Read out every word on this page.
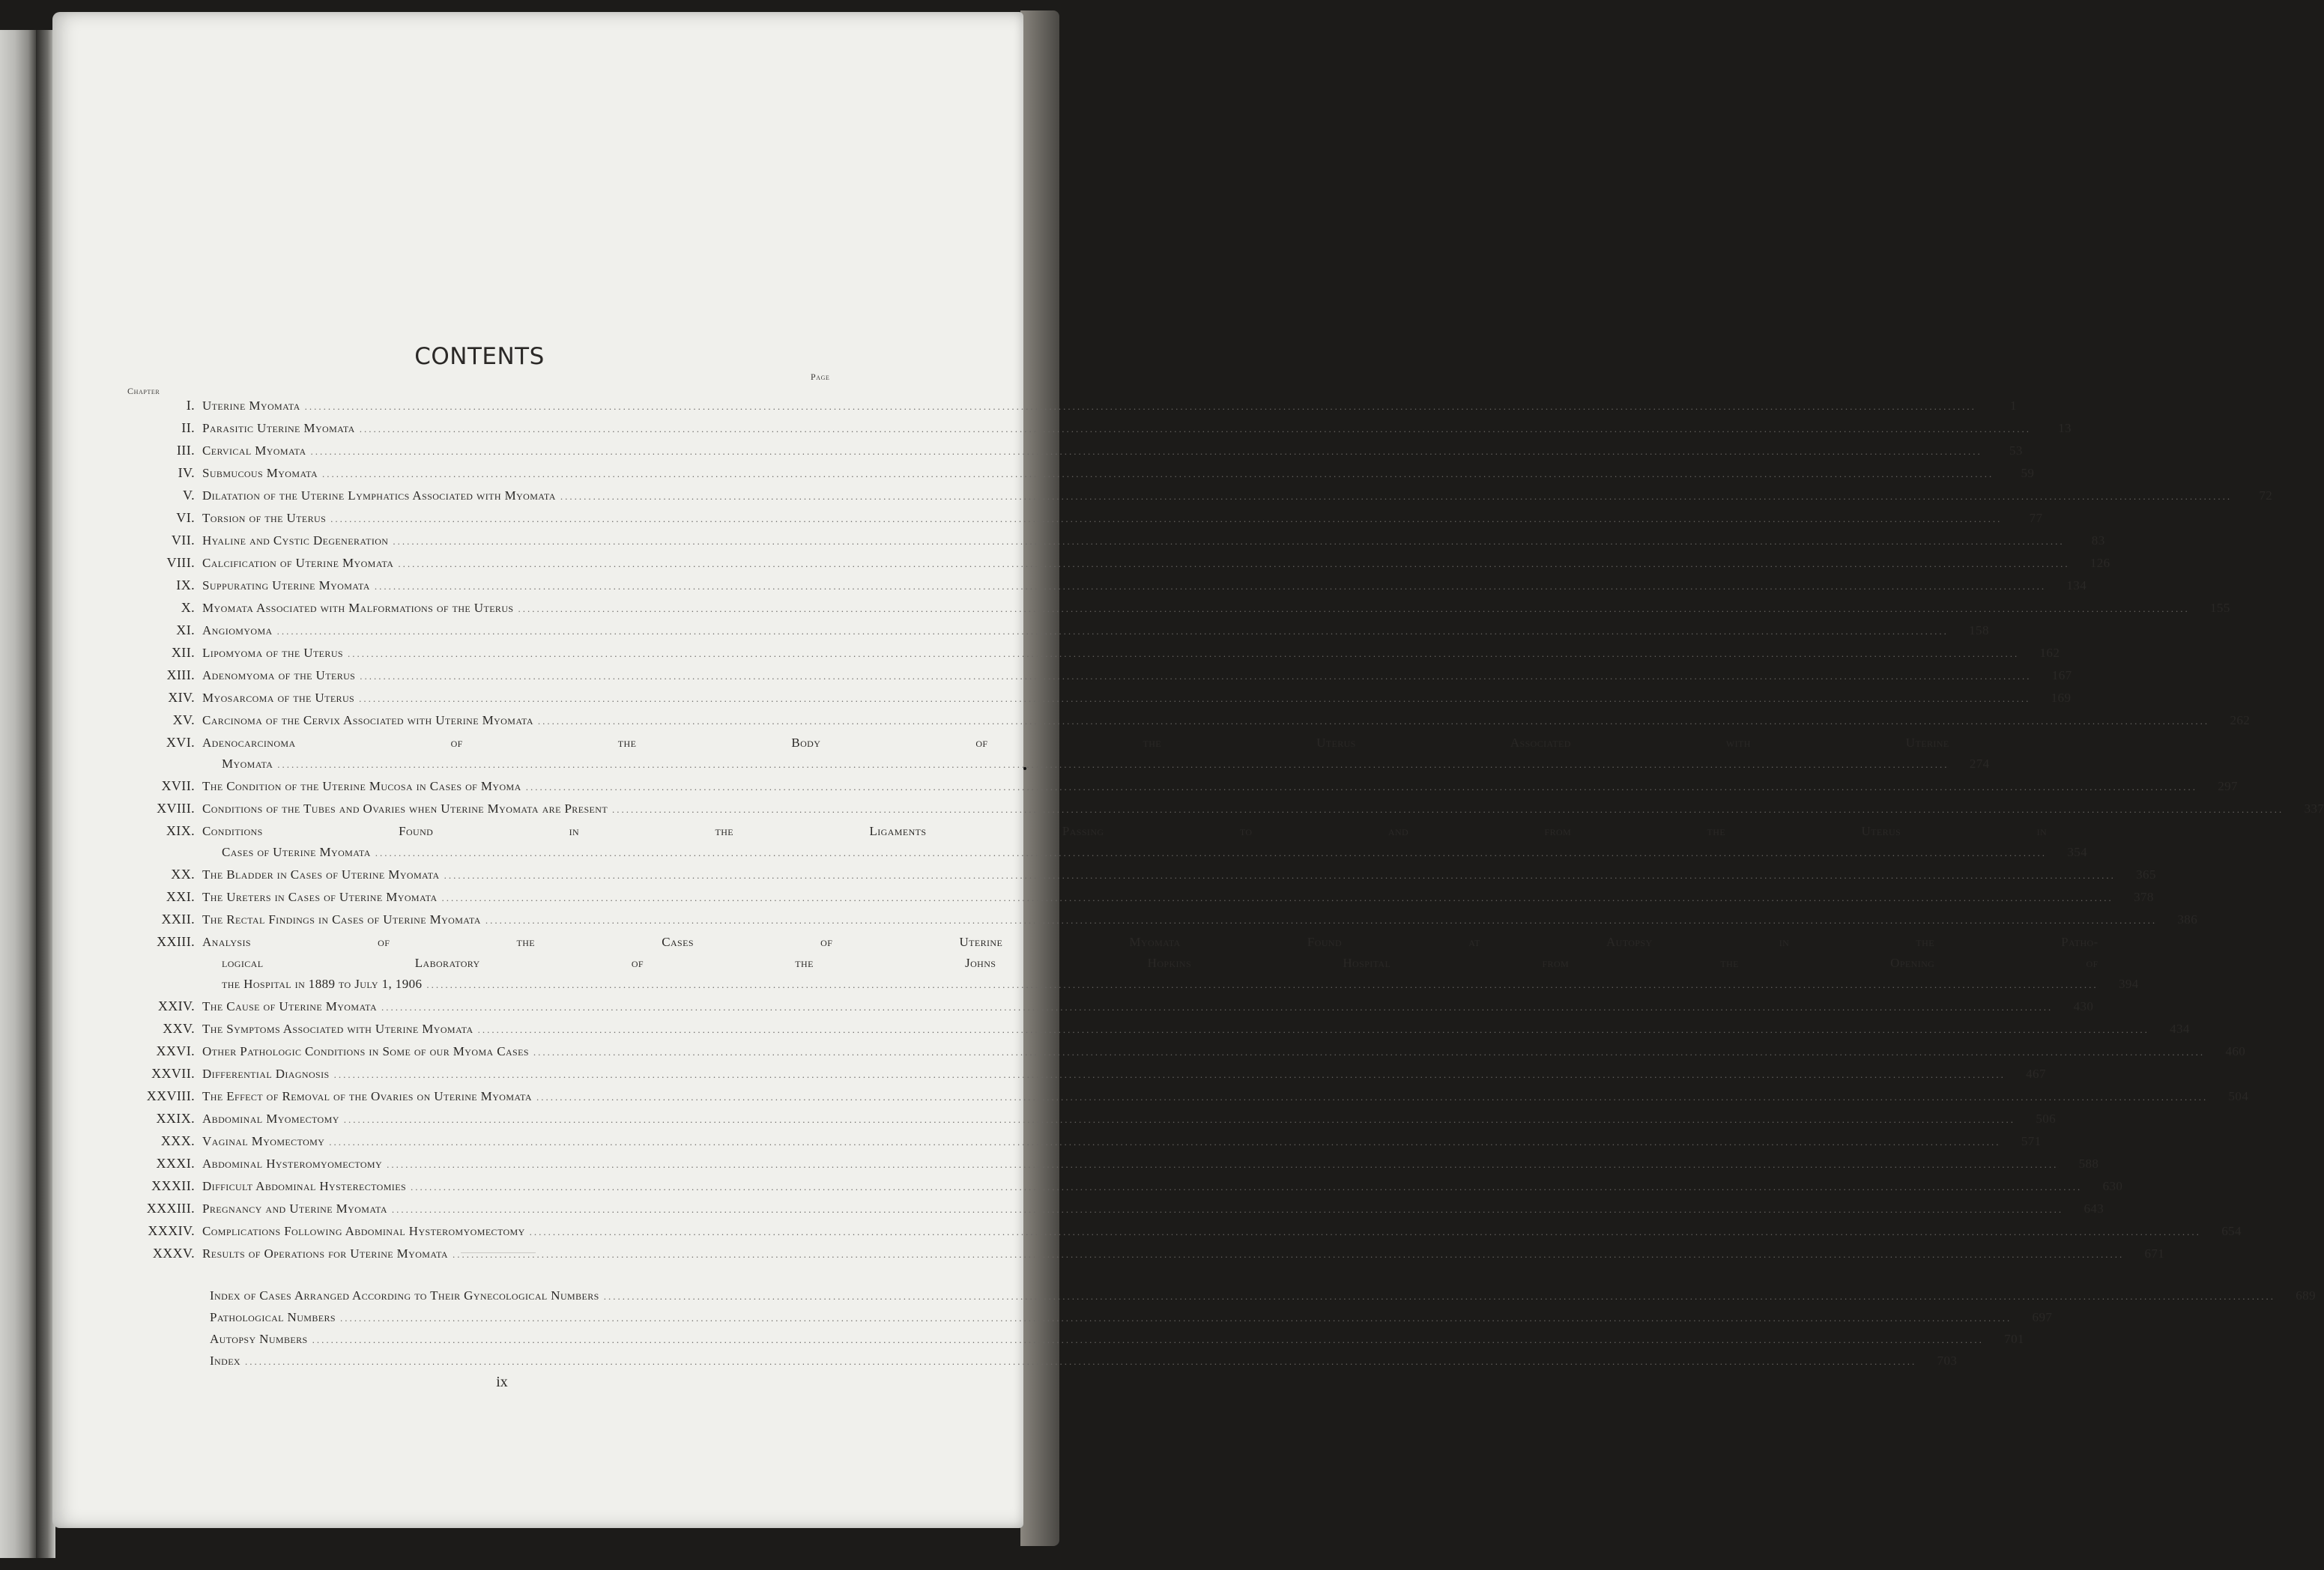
CONTENTS
Chapter
Page
I. Uterine Myomata .....	1
II. Parasitic Uterine Myomata .....	13
III. Cervical Myomata .....	53
IV. Submucous Myomata .....	59
V. Dilatation of the Uterine Lymphatics Associated with Myomata .....	72
VI. Torsion of the Uterus .....	77
VII. Hyaline and Cystic Degeneration .....	83
VIII. Calcification of Uterine Myomata .....	126
IX. Suppurating Uterine Myomata .....	134
X. Myomata Associated with Malformations of the Uterus .....	155
XI. Angiomyoma .....	158
XII. Lipomyoma of the Uterus .....	162
XIII. Adenomyoma of the Uterus .....	167
XIV. Myosarcoma of the Uterus .....	169
XV. Carcinoma of the Cervix Associated with Uterine Myomata .....	262
XVI. Adenocarcinoma of the Body of the Uterus Associated with Uterine
Myomata .....	274
XVII. The Condition of the Uterine Mucosa in Cases of Myoma .....	297
XVIII. Conditions of the Tubes and Ovaries when Uterine Myomata are Present .....	337
XIX. Conditions Found in the Ligaments Passing to and from the Uterus in
Cases of Uterine Myomata .....	354
XX. The Bladder in Cases of Uterine Myomata .....	365
XXI. The Ureters in Cases of Uterine Myomata .....	378
XXII. The Rectal Findings in Cases of Uterine Myomata .....	386
XXIII. Analysis of the Cases of Uterine Myomata Found at Autopsy in the Patho-
logical Laboratory of the Johns Hopkins Hospital from the Opening of
the Hospital in 1889 to July 1, 1906 .....	394
XXIV. The Cause of Uterine Myomata .....	430
XXV. The Symptoms Associated with Uterine Myomata .....	434
XXVI. Other Pathologic Conditions in Some of our Myoma Cases .....	460
XXVII. Differential Diagnosis .....	467
XXVIII. The Effect of Removal of the Ovaries on Uterine Myomata .....	504
XXIX. Abdominal Myomectomy .....	506
XXX. Vaginal Myomectomy .....	571
XXXI. Abdominal Hysteromyomectomy .....	588
XXXII. Difficult Abdominal Hysterectomies .....	630
XXXIII. Pregnancy and Uterine Myomata .....	643
XXXIV. Complications Following Abdominal Hysteromyomectomy .....	654
XXXV. Results of Operations for Uterine Myomata .....	671
Index of Cases Arranged According to Their Gynecological Numbers .....	689
Pathological Numbers .....	697
Autopsy Numbers .....	701
Index .....	703
ix
